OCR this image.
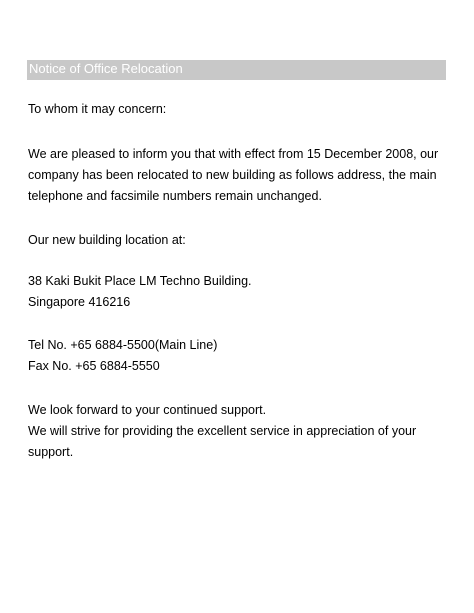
Notice of Office Relocation
To whom it may concern:
We are pleased to inform you that with effect from 15 December 2008, our
company has been relocated to new building as follows address, the main
telephone and facsimile numbers remain unchanged.
Our new building location at:
38 Kaki Bukit Place LM Techno Building.
Singapore 416216
Tel No. +65 6884-5500(Main Line)
Fax No. +65 6884-5550
We look forward to your continued support.
We will strive for providing the excellent service in appreciation of your
support.
